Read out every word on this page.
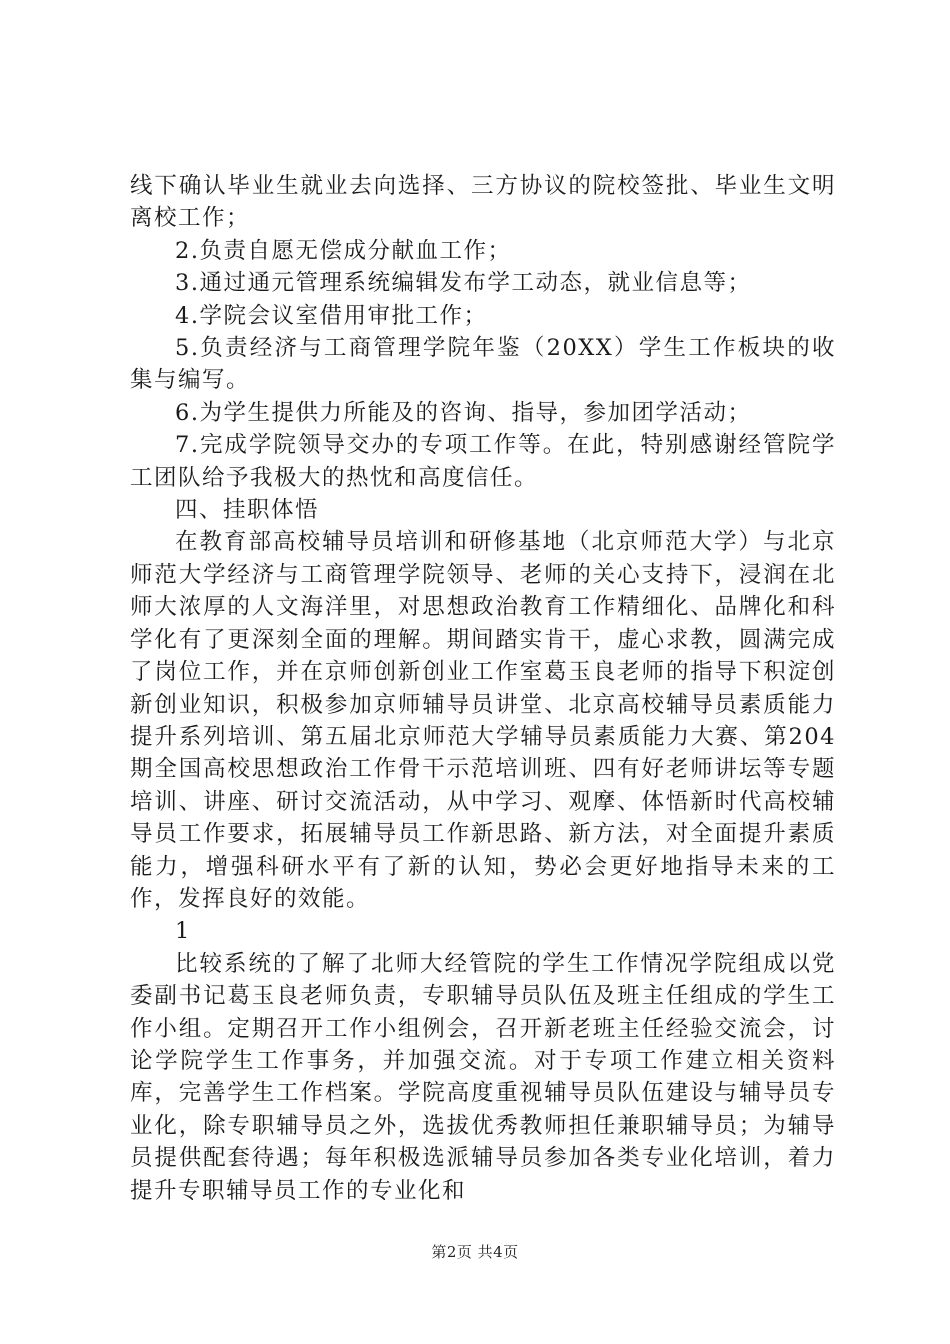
线下确认毕业生就业去向选择、三方协议的院校签批、毕业生文明离校工作；

2.负责自愿无偿成分献血工作；

3.通过通元管理系统编辑发布学工动态，就业信息等；

4.学院会议室借用审批工作；

5.负责经济与工商管理学院年鉴（20XX）学生工作板块的收集与编写。

6.为学生提供力所能及的咨询、指导，参加团学活动；

7.完成学院领导交办的专项工作等。在此，特别感谢经管院学工团队给予我极大的热忱和高度信任。

四、挂职体悟

在教育部高校辅导员培训和研修基地（北京师范大学）与北京师范大学经济与工商管理学院领导、老师的关心支持下，浸润在北师大浓厚的人文海洋里，对思想政治教育工作精细化、品牌化和科学化有了更深刻全面的理解。期间踏实肯干，虚心求教，圆满完成了岗位工作，并在京师创新创业工作室葛玉良老师的指导下积淀创新创业知识，积极参加京师辅导员讲堂、北京高校辅导员素质能力提升系列培训、第五届北京师范大学辅导员素质能力大赛、第204期全国高校思想政治工作骨干示范培训班、四有好老师讲坛等专题培训、讲座、研讨交流活动，从中学习、观摩、体悟新时代高校辅导员工作要求，拓展辅导员工作新思路、新方法，对全面提升素质能力，增强科研水平有了新的认知，势必会更好地指导未来的工作，发挥良好的效能。

1

比较系统的了解了北师大经管院的学生工作情况学院组成以党委副书记葛玉良老师负责，专职辅导员队伍及班主任组成的学生工作小组。定期召开工作小组例会，召开新老班主任经验交流会，讨论学院学生工作事务，并加强交流。对于专项工作建立相关资料库，完善学生工作档案。学院高度重视辅导员队伍建设与辅导员专业化，除专职辅导员之外，选拔优秀教师担任兼职辅导员；为辅导员提供配套待遇；每年积极选派辅导员参加各类专业化培训，着力提升专职辅导员工作的专业化和

第2页 共4页
